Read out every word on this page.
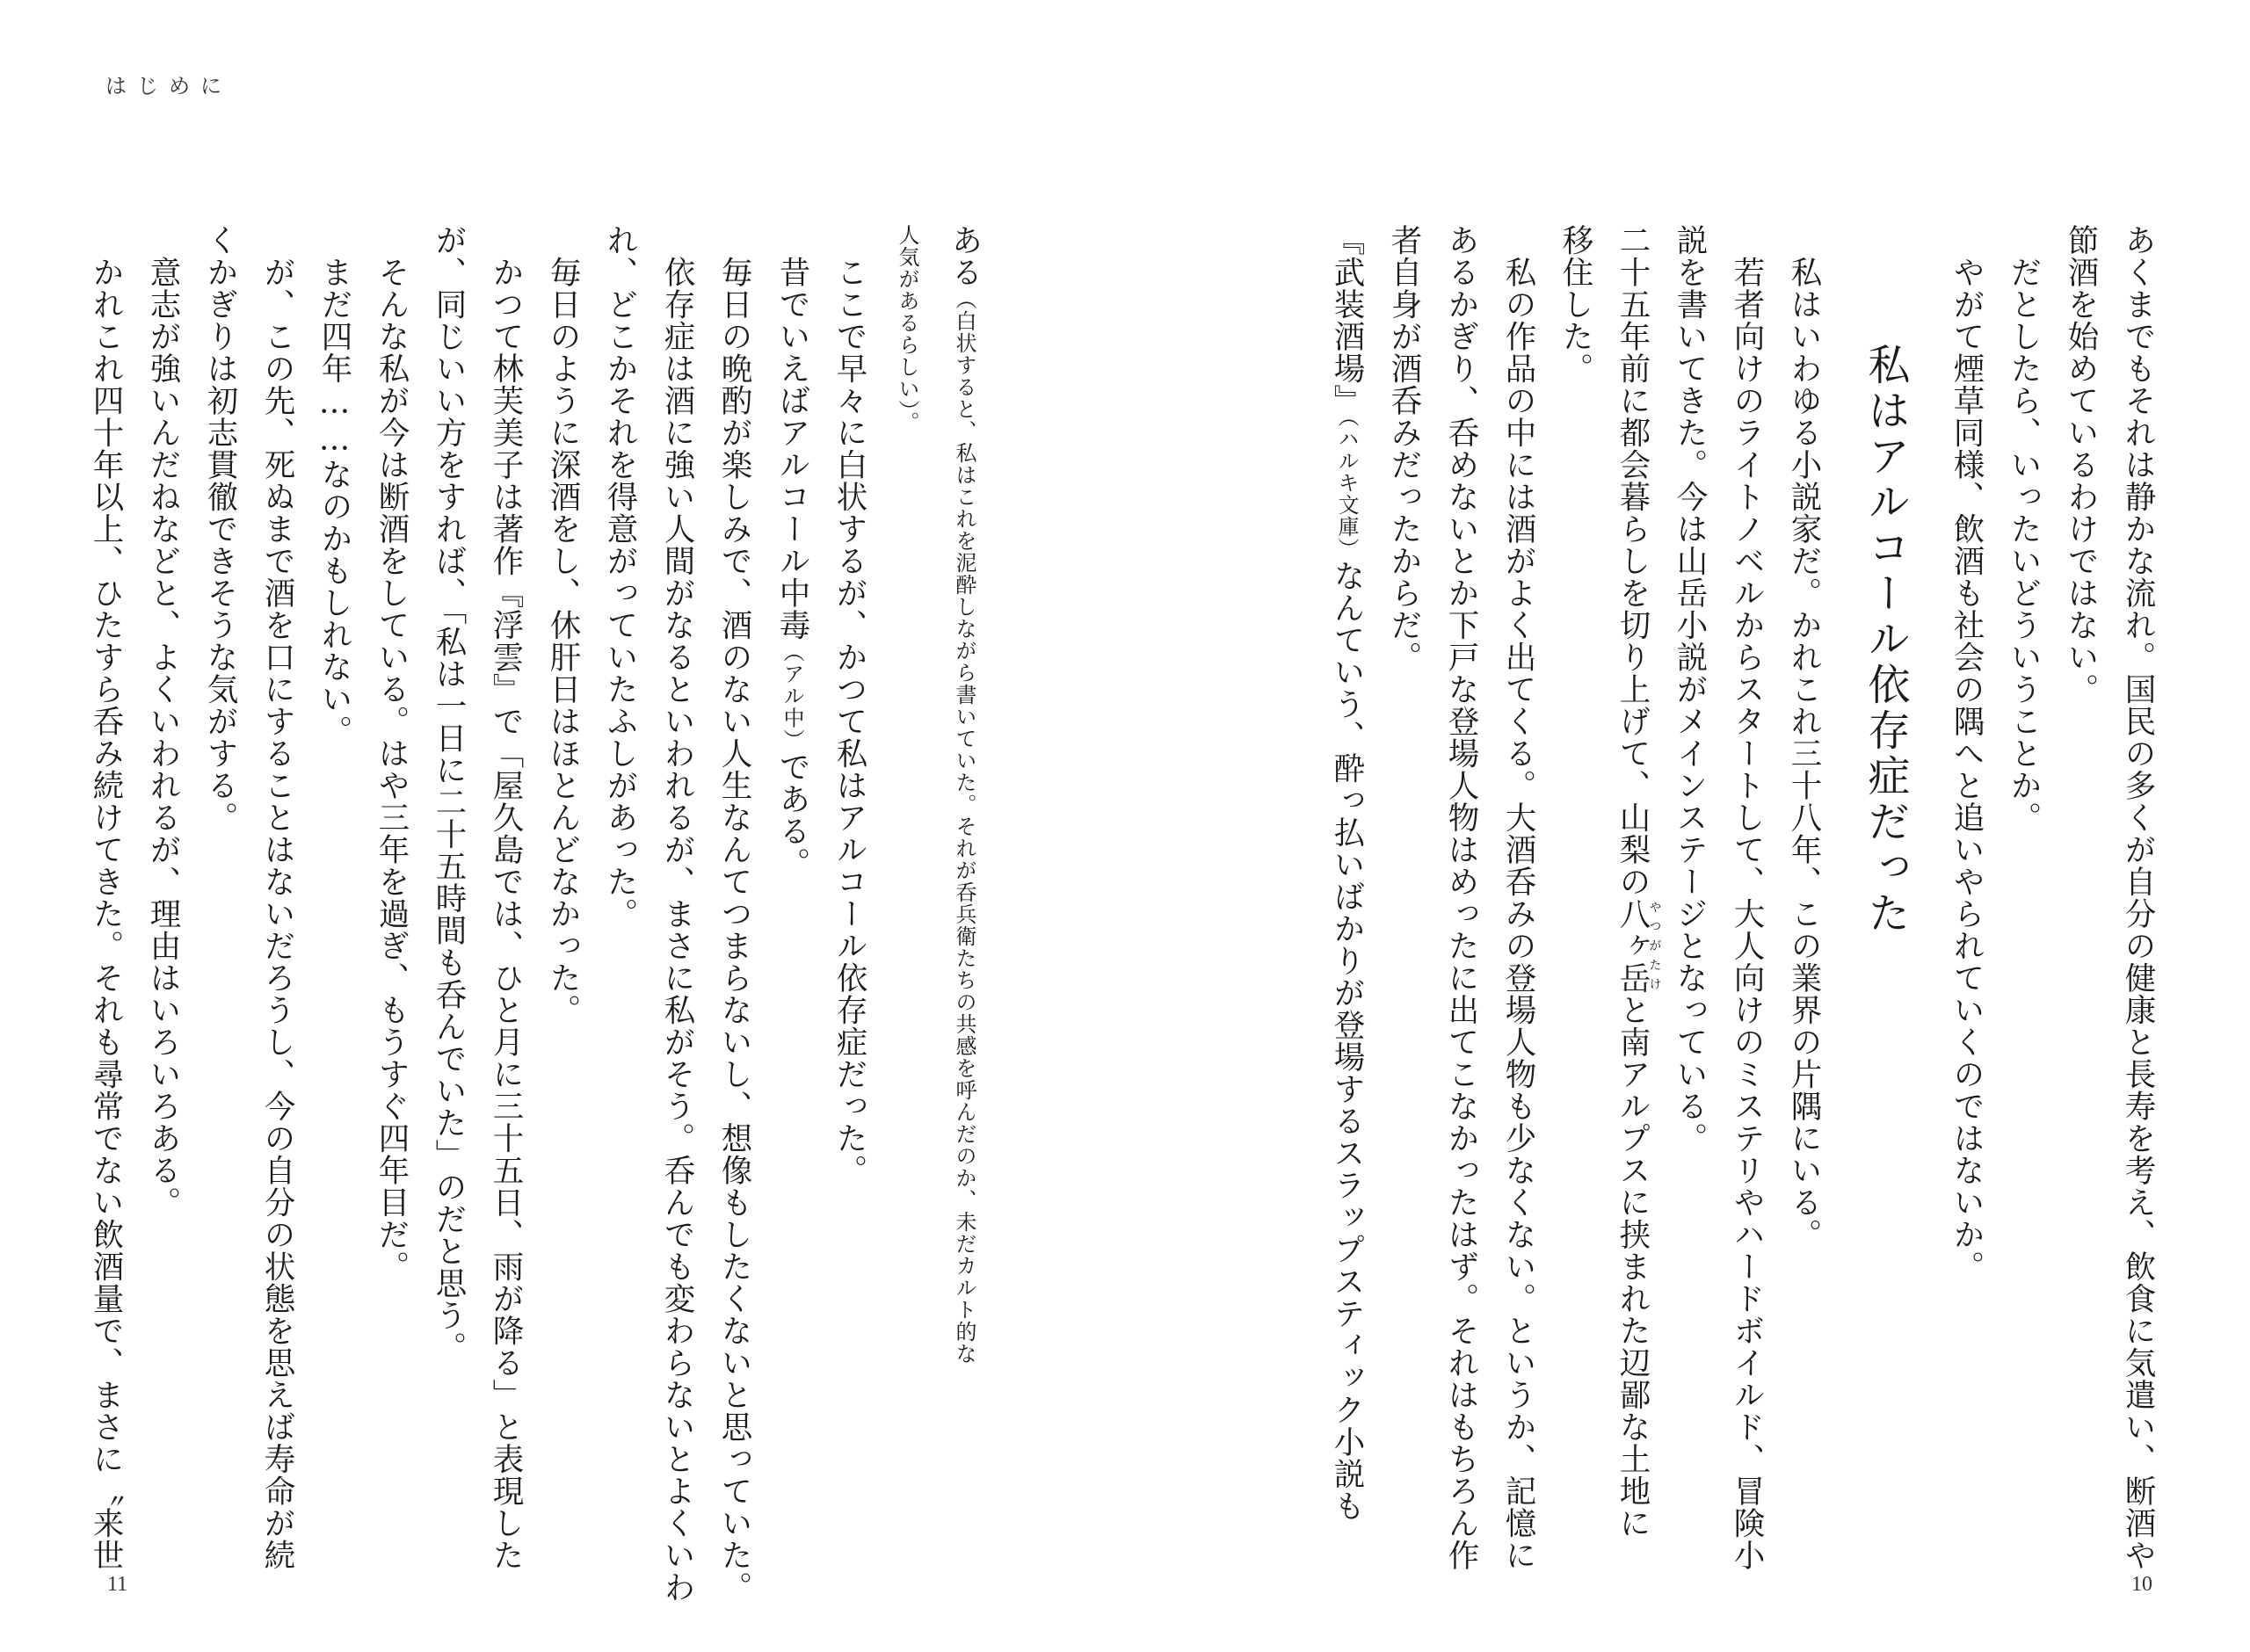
はじめに
あくまでもそれは静かな流れ。国民の多くが自分の健康と長寿を考え、飲食に気遣い、断酒や
節酒を始めているわけではない。
　だとしたら、いったいどういうことか。
　やがて煙草同様、飲酒も社会の隅へと追いやられていくのではないか。
私はアルコール依存症だった
　私はいわゆる小説家だ。かれこれ三十八年、この業界の片隅にいる。
　若者向けのライトノベルからスタートして、大人向けのミステリやハードボイルド、冒険小
説を書いてきた。今は山岳小説がメインステージとなっている。
二十五年前に都会暮らしを切り上げて、山梨の八ヶ岳やつがたけと南アルプスに挟まれた辺鄙な土地に
移住した。
　私の作品の中には酒がよく出てくる。大酒呑みの登場人物も少なくない。というか、記憶に
あるかぎり、呑めないとか下戸な登場人物はめったに出てこなかったはず。それはもちろん作
者自身が酒呑みだったからだ。
『武装酒場』（ハルキ文庫）なんていう、酔っ払いばかりが登場するスラップスティック小説も
ある（白状すると、私はこれを泥酔しながら書いていた。それが呑兵衛たちの共感を呼んだのか、未だカルト的な
人気があるらしい）。
　ここで早々に白状するが、かつて私はアルコール依存症だった。
　昔でいえばアルコール中毒（アル中）である。
　毎日の晩酌が楽しみで、酒のない人生なんてつまらないし、想像もしたくないと思っていた。
　依存症は酒に強い人間がなるといわれるが、まさに私がそう。呑んでも変わらないとよくいわ
れ、どこかそれを得意がっていたふしがあった。
　毎日のように深酒をし、休肝日はほとんどなかった。
　かつて林芙美子は著作『浮雲』で「屋久島では、ひと月に三十五日、雨が降る」と表現した
が、同じいい方をすれば、「私は一日に二十五時間も呑んでいた」のだと思う。
　そんな私が今は断酒をしている。はや三年を過ぎ、もうすぐ四年目だ。
　まだ四年……なのかもしれない。
　が、この先、死ぬまで酒を口にすることはないだろうし、今の自分の状態を思えば寿命が続
くかぎりは初志貫徹できそうな気がする。
　意志が強いんだねなどと、よくいわれるが、理由はいろいろある。
　かれこれ四十年以上、ひたすら呑み続けてきた。それも尋常でない飲酒量で、まさに〝来世
11	10
